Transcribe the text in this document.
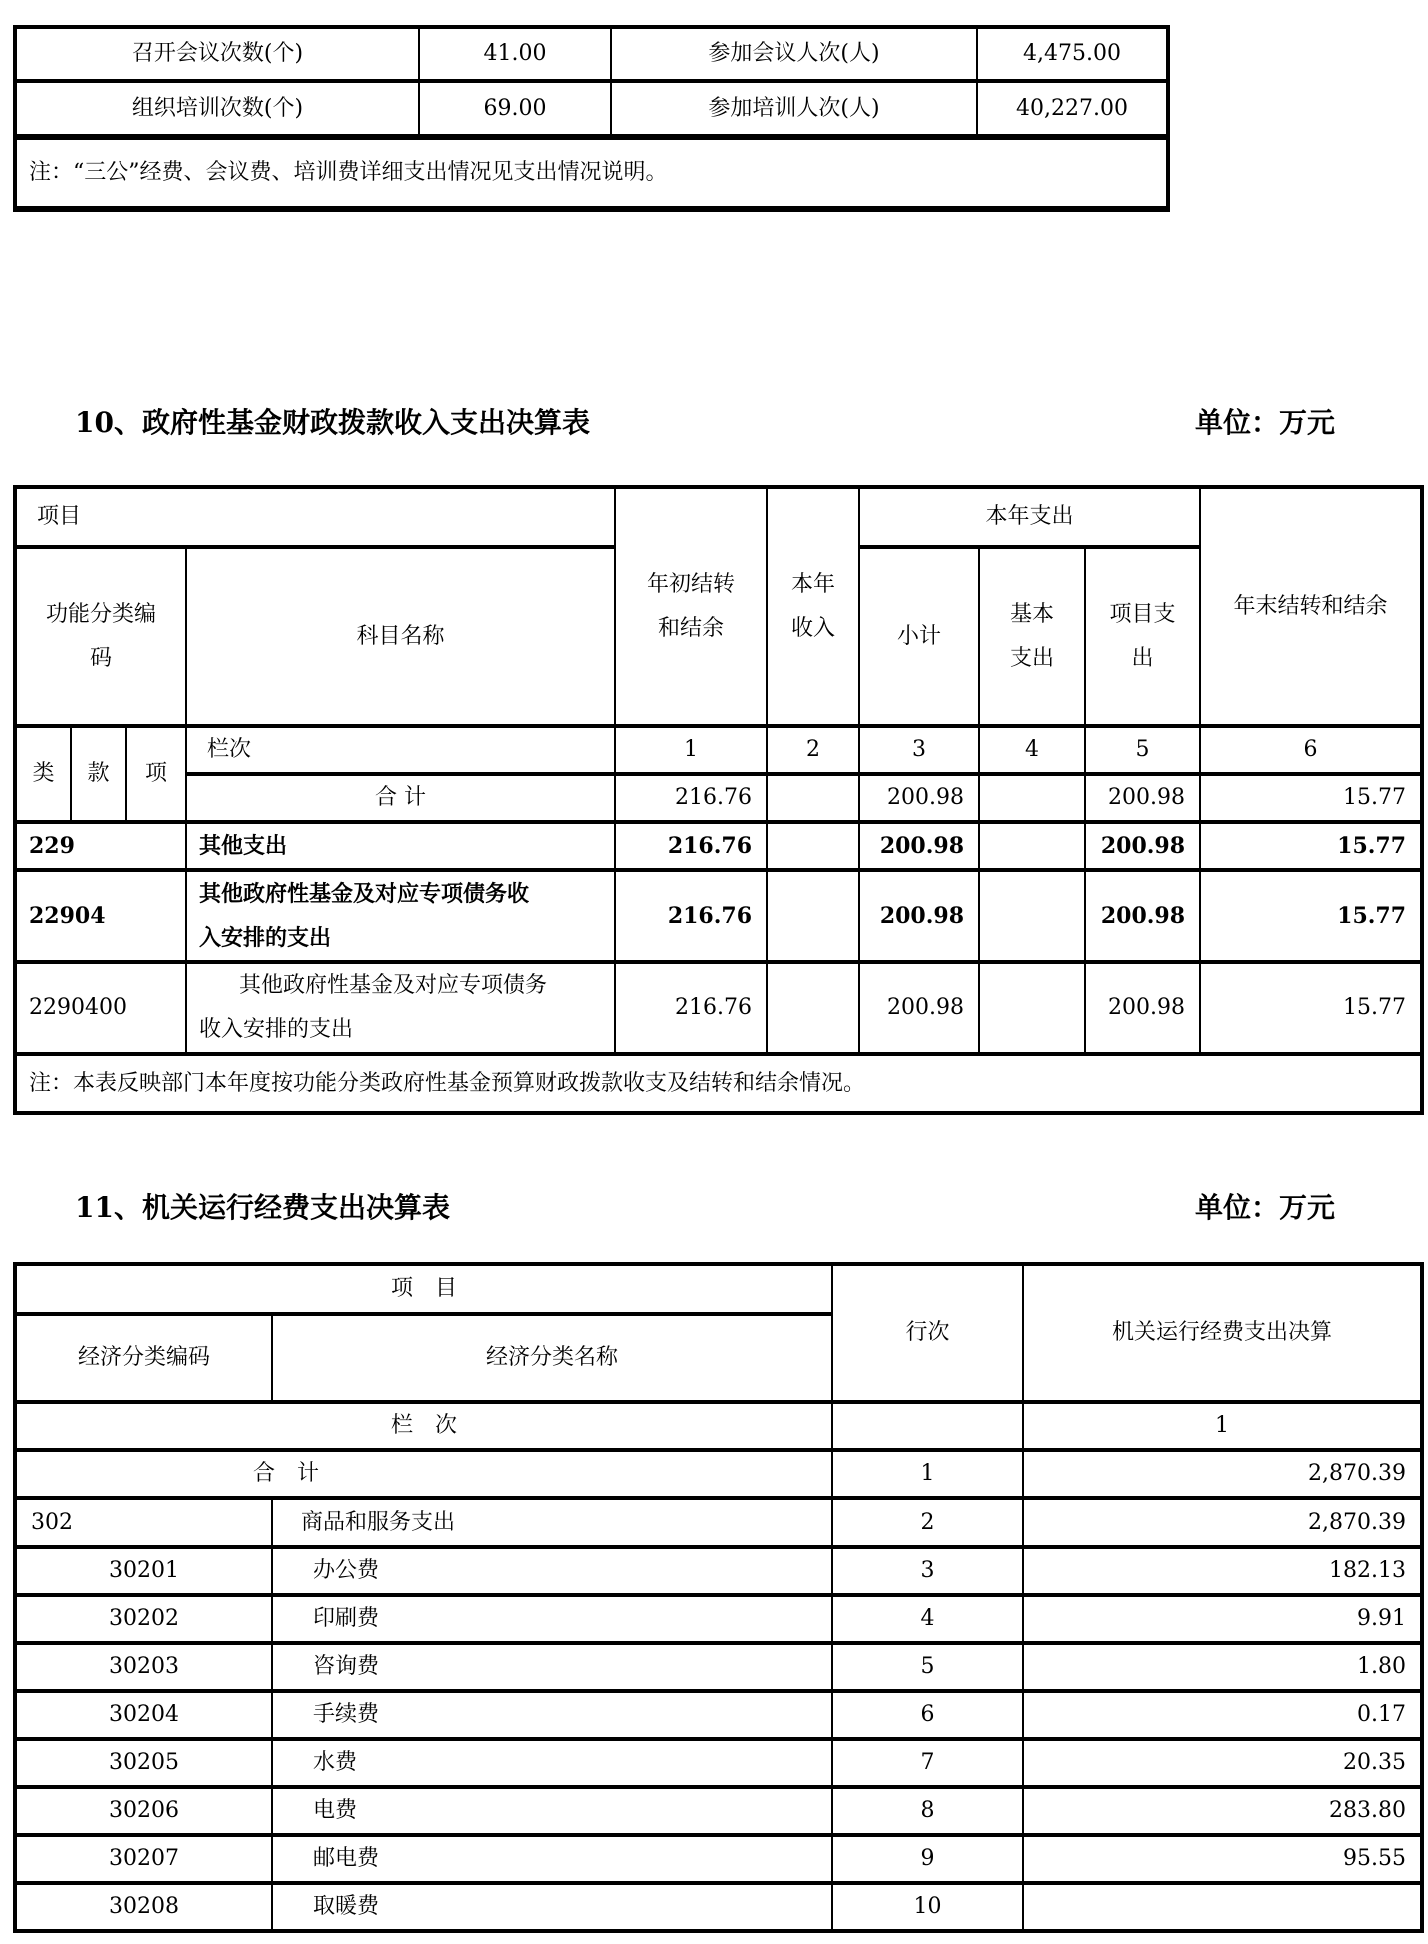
召开会议次数(个)	41.00	参加会议人次(人)	4,475.00
组织培训次数(个)	69.00	参加培训人次(人)	40,227.00
注：“三公”经费、会议费、培训费详细支出情况见支出情况说明。			
10、政府性基金财政拨款收入支出决算表	单位：万元
项目				年初结转和结余	本年收入	本年支出			年末结转和结余
功能分类编码			科目名称			小计	基本支出	项目支出	
类	款	项	栏次	1	2	3	4	5	6
			合 计	216.76		200.98		200.98	15.77
229			其他支出	216.76		200.98		200.98	15.77
22904			其他政府性基金及对应专项债务收入安排的支出	216.76		200.98		200.98	15.77
2290400			其他政府性基金及对应专项债务收入安排的支出	216.76		200.98		200.98	15.77
注：本表反映部门本年度按功能分类政府性基金预算财政拨款收支及结转和结余情况。									
11、机关运行经费支出决算表	单位：万元
项　目		行次	机关运行经费支出决算
经济分类编码	经济分类名称		
栏　次			1
合　计		1	2,870.39
302	商品和服务支出	2	2,870.39
30201	办公费	3	182.13
30202	印刷费	4	9.91
30203	咨询费	5	1.80
30204	手续费	6	0.17
30205	水费	7	20.35
30206	电费	8	283.80
30207	邮电费	9	95.55
30208	取暖费	10	
